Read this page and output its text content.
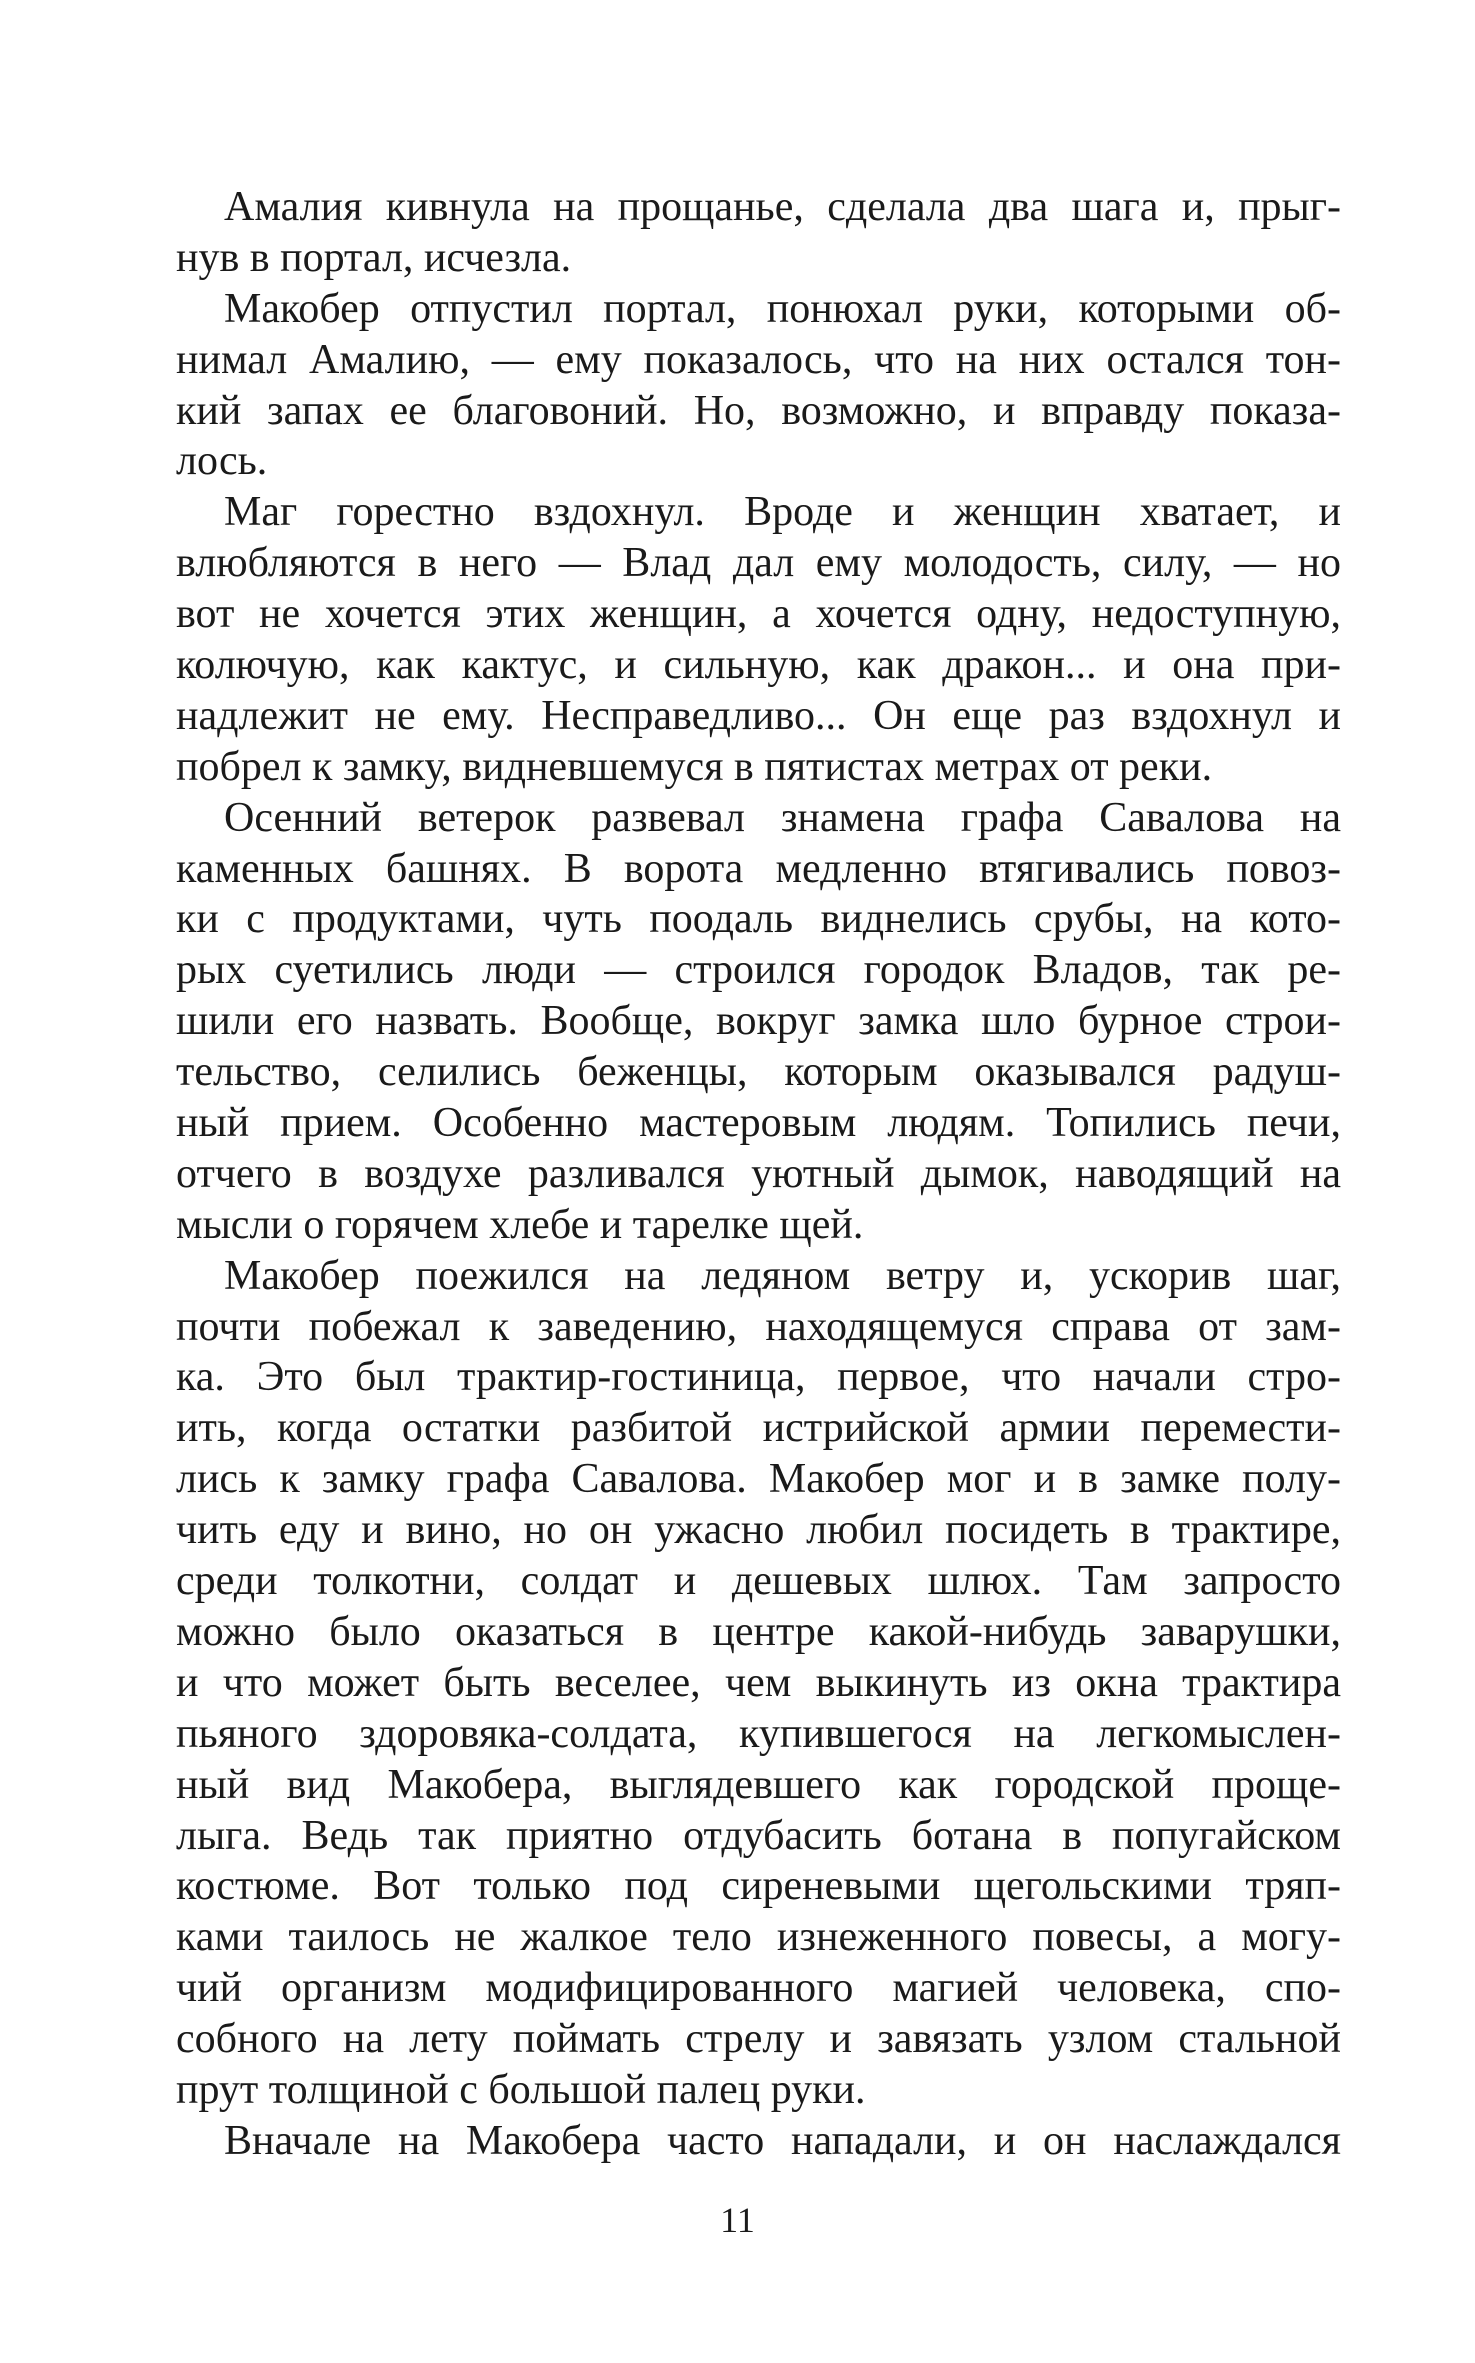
Амалия кивнула на прощанье, сделала два шага и, прыг-
нув в портал, исчезла.
Макобер отпустил портал, понюхал руки, которыми об-
нимал Амалию, — ему показалось, что на них остался тон-
кий запах ее благовоний. Но, возможно, и вправду показа-
лось.
Маг горестно вздохнул. Вроде и женщин хватает, и
влюбляются в него — Влад дал ему молодость, силу, — но
вот не хочется этих женщин, а хочется одну, недоступную,
колючую, как кактус, и сильную, как дракон... и она при-
надлежит не ему. Несправедливо... Он еще раз вздохнул и
побрел к замку, видневшемуся в пятистах метрах от реки.
Осенний ветерок развевал знамена графа Савалова на
каменных башнях. В ворота медленно втягивались повоз-
ки с продуктами, чуть поодаль виднелись срубы, на кото-
рых суетились люди — строился городок Владов, так ре-
шили его назвать. Вообще, вокруг замка шло бурное строи-
тельство, селились беженцы, которым оказывался радуш-
ный прием. Особенно мастеровым людям. Топились печи,
отчего в воздухе разливался уютный дымок, наводящий на
мысли о горячем хлебе и тарелке щей.
Макобер поежился на ледяном ветру и, ускорив шаг,
почти побежал к заведению, находящемуся справа от зам-
ка. Это был трактир-гостиница, первое, что начали стро-
ить, когда остатки разбитой истрийской армии перемести-
лись к замку графа Савалова. Макобер мог и в замке полу-
чить еду и вино, но он ужасно любил посидеть в трактире,
среди толкотни, солдат и дешевых шлюх. Там запросто
можно было оказаться в центре какой-нибудь заварушки,
и что может быть веселее, чем выкинуть из окна трактира
пьяного здоровяка-солдата, купившегося на легкомыслен-
ный вид Макобера, выглядевшего как городской проще-
лыга. Ведь так приятно отдубасить ботана в попугайском
костюме. Вот только под сиреневыми щегольскими тряп-
ками таилось не жалкое тело изнеженного повесы, а могу-
чий организм модифицированного магией человека, спо-
собного на лету поймать стрелу и завязать узлом стальной
прут толщиной с большой палец руки.
Вначале на Макобера часто нападали, и он наслаждался
11
